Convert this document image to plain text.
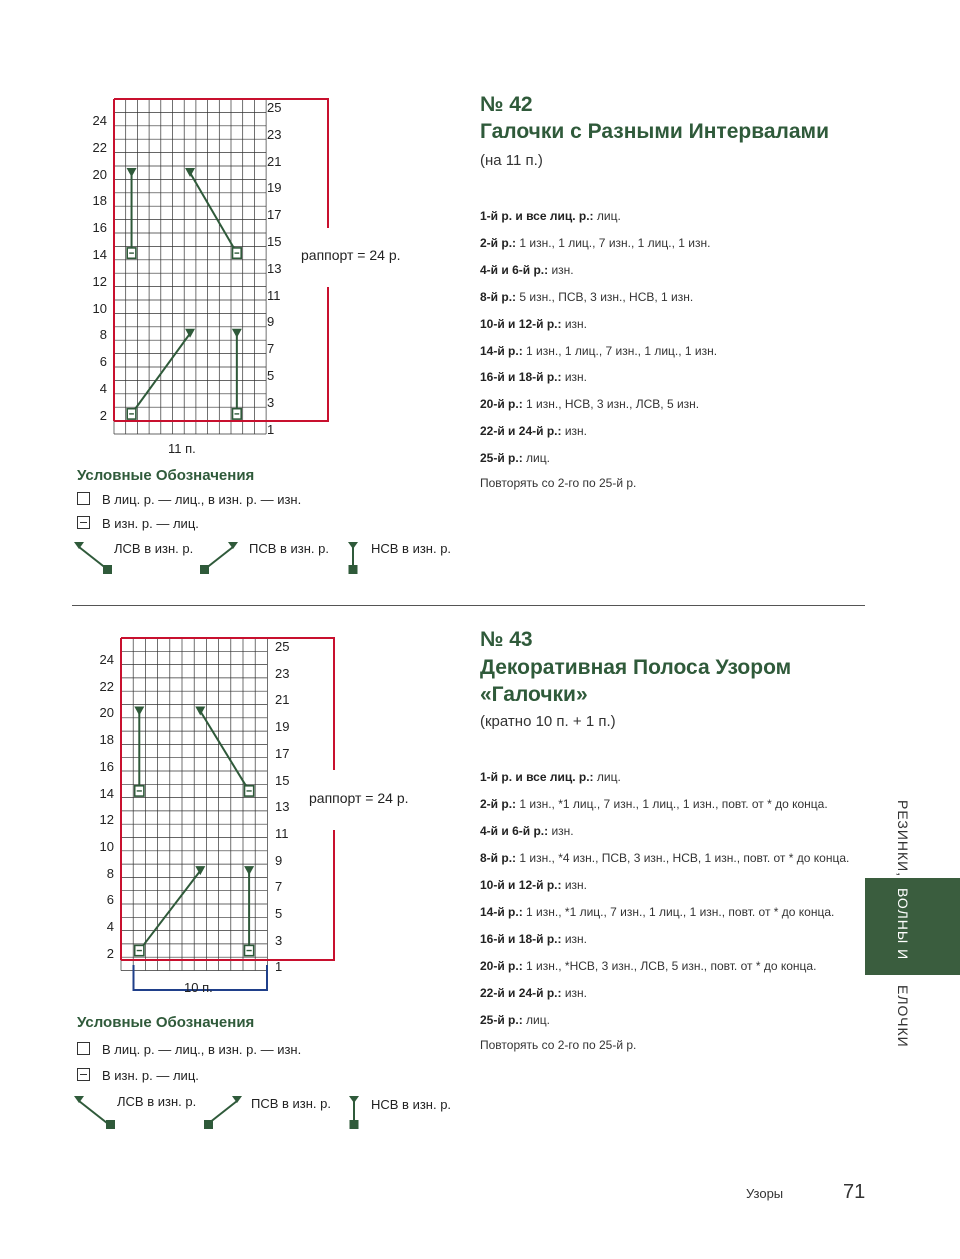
24
22
20
18
16
14
12
10
8
6
4
2
25
23
21
19
17
15
13
11
9
7
5
3
1
11 п.
раппорт = 24 р.
№ 42
Галочки с Разными Интервалами
(на 11 п.)
1-й р. и все лиц. р.: лиц.
2-й р.: 1 изн., 1 лиц., 7 изн., 1 лиц., 1 изн.
4-й и 6-й р.: изн.
8-й р.: 5 изн., ПСВ, 3 изн., НСВ, 1 изн.
10-й и 12-й р.: изн.
14-й р.: 1 изн., 1 лиц., 7 изн., 1 лиц., 1 изн.
16-й и 18-й р.: изн.
20-й р.: 1 изн., НСВ, 3 изн., ЛСВ, 5 изн.
22-й и 24-й р.: изн.
25-й р.: лиц.
Повторять со 2-го по 25-й р.
Условные Обозначения
В лиц. р. — лиц., в изн. р. — изн.
В изн. р. — лиц.
ЛСВ в изн. р.	ПСВ в изн. р.	НСВ в изн. р.
24
22
20
18
16
14
12
10
8
6
4
2
25
23
21
19
17
15
13
11
9
7
5
3
1
10 п.
раппорт = 24 р.
№ 43
Декоративная Полоса Узором
«Галочки»
(кратно 10 п. + 1 п.)
1-й р. и все лиц. р.: лиц.
2-й р.: 1 изн., *1 лиц., 7 изн., 1 лиц., 1 изн., повт. от * до конца.
4-й и 6-й р.: изн.
8-й р.: 1 изн., *4 изн., ПСВ, 3 изн., НСВ, 1 изн., повт. от * до конца.
10-й и 12-й р.: изн.
14-й р.: 1 изн., *1 лиц., 7 изн., 1 лиц., 1 изн., повт. от * до конца.
16-й и 18-й р.: изн.
20-й р.: 1 изн., *НСВ, 3 изн., ЛСВ, 5 изн., повт. от * до конца.
22-й и 24-й р.: изн.
25-й р.: лиц.
Повторять со 2-го по 25-й р.
Условные Обозначения
В лиц. р. — лиц., в изн. р. — изн.
В изн. р. — лиц.
ЛСВ в изн. р.	ПСВ в изн. р.	НСВ в изн. р.
РЕЗИНКИ,
ВОЛНЫ И
ЕЛОЧКИ
Узоры	71
